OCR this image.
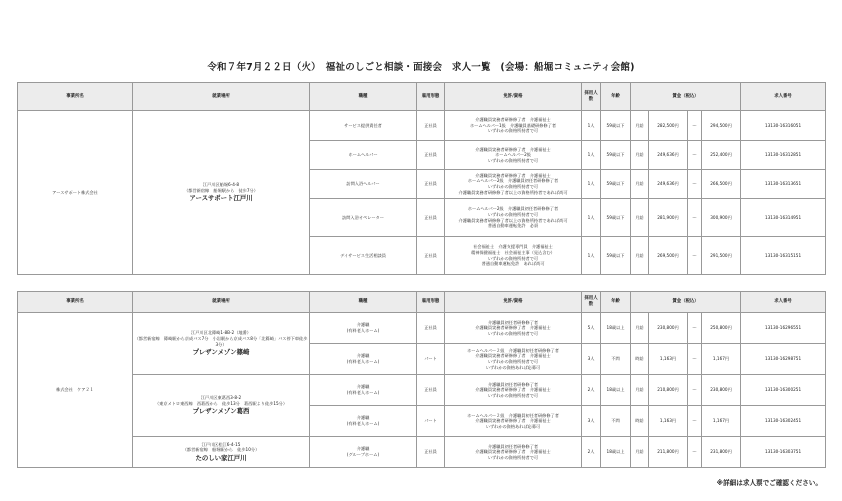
令和７年7月２２日（火）　福祉のしごと相談・面接会　求人一覧　(会場：船堀コミュニティ会館)
事業所名	就業場所	職種	雇用形態	免許/資格	採用人数	年齢	賃金（税込）				求人番号
アースサポート株式会社	江戸川区船堀6-4-8
（都営新宿線　船堀駅から　徒歩7分）
アースサポート江戸川	サービス提供責任者	正社員	介護職員実務者研修修了者　介護福祉士
ホームヘルパー1級　介護職員基礎研修修了者
いずれかの資格所持者で可	1人	59歳以下	月給	282,500円	～	294,500円	13130-16316051

		ホームヘルパー	正社員	介護職員実務者研修修了者　介護福祉士
ホームヘルパー2級
いずれかの資格所持者で可	1人	59歳以下	月給	249,636円	～	252,400円	13130-16312851

		訪問入浴ヘルパー	正社員	介護職員実務者研修修了者　介護福祉士
ホームヘルパー2級　介護職員初任者研修修了者
いずれかの資格所持者で可
介護職員実務者研修修了者以上の資格所持者であれば尚可	1人	59歳以下	月給	249,636円	～	266,500円	13130-16313651

		訪問入浴オペレーター	正社員	ホームヘルパー2級　介護職員初任者研修修了者
いずれかの資格所持者で可
介護職員実務者研修修了者以上の資格所持者であれば尚可
普通自動車運転免許　必須	1人	59歳以下	月給	281,900円	～	300,900円	13130-16314951

		デイサービス生活相談員	正社員	社会福祉士　介護支援専門員　介護福祉士
精神保健福祉士　社会福祉主事（見込含む）
いずれかの資格所持者で可
普通自動車運転免許　あれば尚可	1人	59歳以下	月給	269,500円	～	291,500円	13130-16315151
事業所名	就業場所	職種	雇用形態	免許/資格	採用人数	年齢	賃金（税込）				求人番号
株式会社　ケア２１	江戸川区北篠崎1-8B-2（地番）
（都営新宿線　篠崎駅から京成バス7分　小岩駅から京成バス8分「北篠崎」バス停下車徒歩3分）
プレザンメゾン篠崎	介護職
(有料老人ホーム)	正社員	介護職員初任者研修修了者
介護職員実務者研修修了者　介護福祉士
いずれかの資格所持者で可	5人	18歳以上	月給	230,800円	～	250,800円	13130-16296551

		介護職
(有料老人ホーム)	パート	ホームヘルパー２級　介護職員初任者研修修了者
介護職員実務者研修修了者　介護福祉士
いずれかの資格所持者で可
いずれかの資格あれば応募可	3人	不問	時給	1,163円	～	1,167円	13130-16298751

	江戸川区東葛西3-8-2
（東京メトロ東西線　西葛西から　徒歩13分　葛西駅より徒歩15分）
プレザンメゾン葛西	介護職
(有料老人ホーム)	正社員	介護職員初任者研修修了者
介護職員実務者研修修了者　介護福祉士
いずれかの資格所持者で可	2人	18歳以上	月給	210,800円	～	230,800円	13130-16300251

		介護職
(有料老人ホーム)	パート	ホームヘルパー２級　介護職員初任者研修修了者
介護職員実務者研修修了者　介護福祉士
いずれかの資格あれば応募可	3人	不問	時給	1,163円	～	1,167円	13130-16302451

	江戸川区松江6-4-15
（都営新宿線　船堀駅から　徒歩10分）
たのしい家江戸川	介護職
(グループホーム)	正社員	介護職員初任者研修修了者
介護職員実務者研修修了者　介護福祉士
いずれかの資格所持者で可	2人	18歳以上	月給	211,800円	～	231,800円	13130-16303751
※詳細は求人票でご確認ください。
